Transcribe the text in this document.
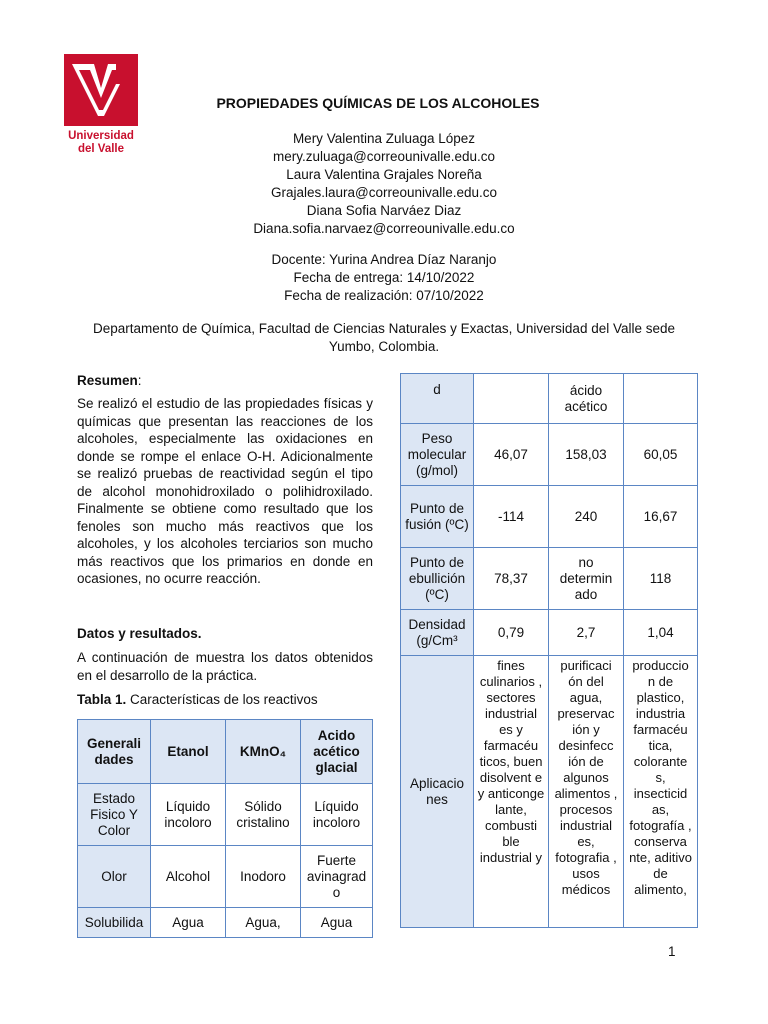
Universidad
del Valle
PROPIEDADES QUÍMICAS DE LOS ALCOHOLES
Mery Valentina Zuluaga López
mery.zuluaga@correounivalle.edu.co
Laura Valentina Grajales Noreña
Grajales.laura@correounivalle.edu.co
Diana Sofia Narváez Diaz
Diana.sofia.narvaez@correounivalle.edu.co
Docente: Yurina Andrea Díaz Naranjo
Fecha de entrega: 14/10/2022
Fecha de realización: 07/10/2022
Departamento de Química, Facultad de Ciencias Naturales y Exactas, Universidad del Valle sede Yumbo, Colombia.
Resumen:
Se realizó el estudio de las propiedades físicas y químicas que presentan las reacciones de los alcoholes, especialmente las oxidaciones en donde se rompe el enlace O-H. Adicionalmente se realizó pruebas de reactividad según el tipo de alcohol monohidroxilado o polihidroxilado. Finalmente se obtiene como resultado que los fenoles son mucho más reactivos que los alcoholes, y los alcoholes terciarios son mucho más reactivos que los primarios en donde en ocasiones, no ocurre reacción.
Datos y resultados.
A continuación de muestra los datos obtenidos en el desarrollo de la práctica.
Tabla 1. Características de los reactivos
Generali dades	Etanol	KMnO₄	Acido acético glacial
Estado Fisico Y Color	Líquido incoloro	Sólido cristalino	Líquido incoloro
Olor	Alcohol	Inodoro	Fuerte avinagrad o
Solubilida	Agua	Agua,	Agua
d		ácido acético	
Peso molecular (g/mol)	46,07	158,03	60,05
Punto de fusión (ºC)	-114	240	16,67
Punto de ebullición (ºC)	78,37	no determin ado	118
Densidad (g/Cm³	0,79	2,7	1,04
Aplicacio nes	fines culinarios , sectores industrial es y farmacéu ticos, buen disolvent e y anticonge lante, combusti ble industrial y	purificaci ón del agua, preservac ión y desinfecc ión de algunos alimentos , procesos industrial es, fotografia , usos médicos	produccio n de plastico, industria farmacéu tica, colorante s, insecticid as, fotografía , conserva nte, aditivo de alimento,
1
